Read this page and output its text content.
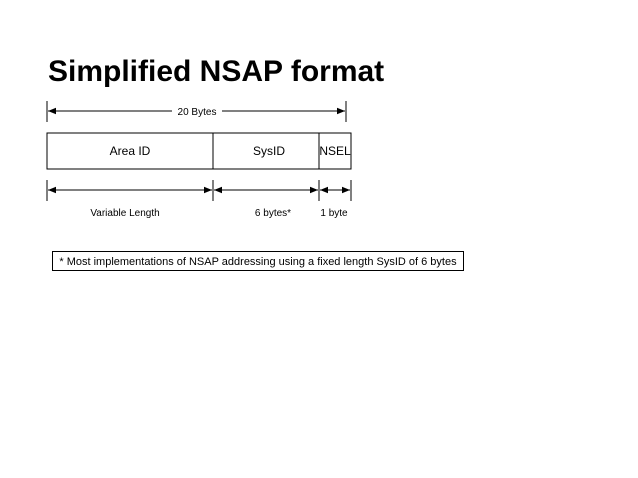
Simplified NSAP format
20 Bytes
Area ID	SysID	NSEL
Variable Length	6 bytes*	1 byte
* Most implementations of NSAP addressing using a fixed length SysID of 6 bytes
